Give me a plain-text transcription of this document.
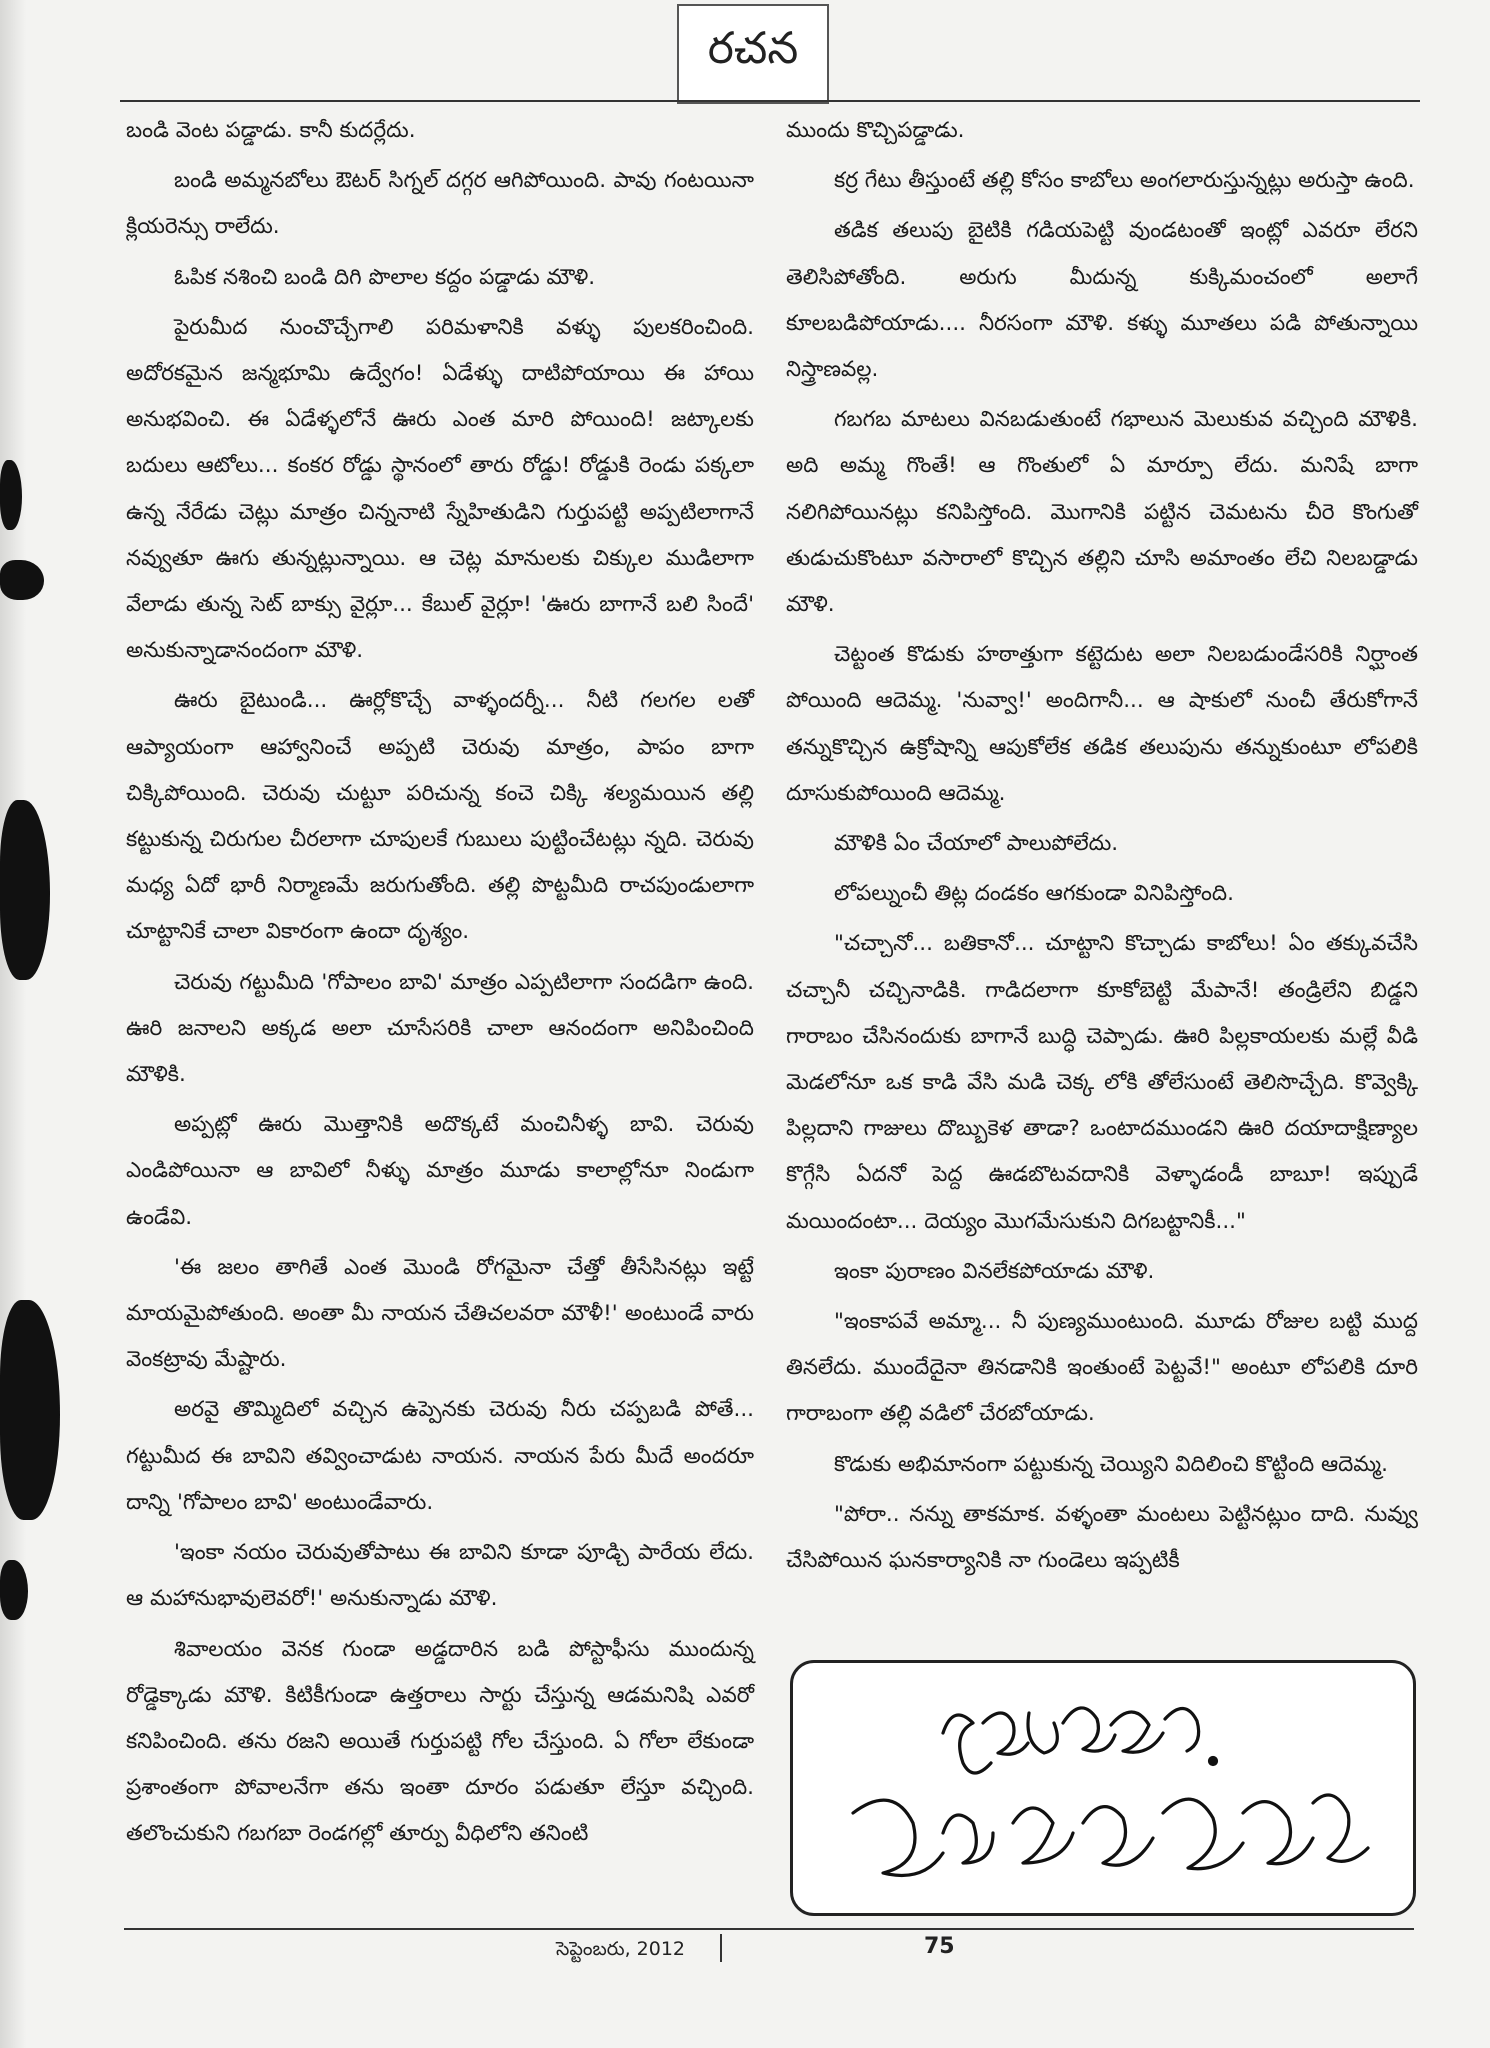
రచన

బండి వెంట పడ్డాడు. కానీ కుదర్లేదు.

బండి అమ్మనబోలు ఔటర్ సిగ్నల్ దగ్గర ఆగిపోయింది. పావు గంటయినా క్లియరెన్సు రాలేదు.

ఓపిక నశించి బండి దిగి పొలాల కద్దం పడ్డాడు మౌళి.

పైరుమీద నుంచొచ్చేగాలి పరిమళానికి వళ్ళు పులకరించింది. అదోరకమైన జన్మభూమి ఉద్వేగం! ఏడేళ్ళు దాటిపోయాయి ఈ హాయి అనుభవించి. ఈ ఏడేళ్ళలోనే ఊరు ఎంత మారి పోయింది! జట్కాలకు బదులు ఆటోలు... కంకర రోడ్డు స్థానంలో తారు రోడ్డు! రోడ్డుకి రెండు పక్కలా ఉన్న నేరేడు చెట్లు మాత్రం చిన్ననాటి స్నేహితుడిని గుర్తుపట్టి అప్పటిలాగానే నవ్వుతూ ఊగు తున్నట్లున్నాయి. ఆ చెట్ల మానులకు చిక్కుల ముడిలాగా వేలాడు తున్న సెట్ బాక్సు వైర్లూ... కేబుల్ వైర్లూ! 'ఊరు బాగానే బలి సిందే' అనుకున్నాడానందంగా మౌళి.

ఊరు బైటుండి... ఊర్లోకొచ్చే వాళ్ళందర్నీ... నీటి గలగల లతో ఆప్యాయంగా ఆహ్వానించే అప్పటి చెరువు మాత్రం, పాపం బాగా చిక్కిపోయింది. చెరువు చుట్టూ పరిచున్న కంచె చిక్కి శల్యమయిన తల్లి కట్టుకున్న చిరుగుల చీరలాగా చూపులకే గుబులు పుట్టించేటట్లు న్నది. చెరువు మధ్య ఏదో భారీ నిర్మాణమే జరుగుతోంది. తల్లి పొట్టమీది రాచపుండులాగా చూట్టానికే చాలా వికారంగా ఉందా దృశ్యం.

చెరువు గట్టుమీది 'గోపాలం బావి' మాత్రం ఎప్పటిలాగా సందడిగా ఉంది. ఊరి జనాలని అక్కడ అలా చూసేసరికి చాలా ఆనందంగా అనిపించింది మౌళికి.

అప్పట్లో ఊరు మొత్తానికి అదొక్కటే మంచినీళ్ళ బావి. చెరువు ఎండిపోయినా ఆ బావిలో నీళ్ళు మాత్రం మూడు కాలాల్లోనూ నిండుగా ఉండేవి.

'ఈ జలం తాగితే ఎంత మొండి రోగమైనా చేత్తో తీసేసినట్లు ఇట్టే మాయమైపోతుంది. అంతా మీ నాయన చేతిచలవరా మౌళీ!' అంటుండే వారు వెంకట్రావు మేష్టారు.

అరవై తొమ్మిదిలో వచ్చిన ఉప్పెనకు చెరువు నీరు చప్పబడి పోతే... గట్టుమీద ఈ బావిని తవ్వించాడుట నాయన. నాయన పేరు మీదే అందరూ దాన్ని 'గోపాలం బావి' అంటుండేవారు.

'ఇంకా నయం చెరువుతోపాటు ఈ బావిని కూడా పూడ్చి పారేయ లేదు. ఆ మహానుభావులెవరో!' అనుకున్నాడు మౌళి.

శివాలయం వెనక గుండా అడ్డదారిన బడి పోస్టాఫీసు ముందున్న రోడ్డెక్కాడు మౌళి. కిటికీగుండా ఉత్తరాలు సార్టు చేస్తున్న ఆడమనిషి ఎవరో కనిపించింది. తను రజని అయితే గుర్తుపట్టి గోల చేస్తుంది. ఏ గోలా లేకుండా ప్రశాంతంగా పోవాలనేగా తను ఇంతా దూరం పడుతూ లేస్తూ వచ్చింది. తలొంచుకుని గబగబా రెండగల్లో తూర్పు వీధిలోని తనింటి

ముందు కొచ్చిపడ్డాడు.

కర్ర గేటు తీస్తుంటే తల్లి కోసం కాబోలు అంగలారుస్తున్నట్లు అరుస్తా ఉంది.

తడిక తలుపు బైటికి గడియపెట్టి వుండటంతో ఇంట్లో ఎవరూ లేరని తెలిసిపోతోంది. అరుగు మీదున్న కుక్కిమంచంలో అలాగే కూలబడిపోయాడు.... నీరసంగా మౌళి. కళ్ళు మూతలు పడి పోతున్నాయి నిస్త్రాణవల్ల.

గబగబ మాటలు వినబడుతుంటే గభాలున మెలుకువ వచ్చింది మౌళికి. అది అమ్మ గొంతే! ఆ గొంతులో ఏ మార్పూ లేదు. మనిషే బాగా నలిగిపోయినట్లు కనిపిస్తోంది. మొగానికి పట్టిన చెమటను చీరె కొంగుతో తుడుచుకొంటూ వసారాలో కొచ్చిన తల్లిని చూసి అమాంతం లేచి నిలబడ్డాడు మౌళి.

చెట్టంత కొడుకు హఠాత్తుగా కట్టెదుట అలా నిలబడుండేసరికి నిర్ఘాంత పోయింది ఆదెమ్మ. 'నువ్వా!' అందిగానీ... ఆ షాకులో నుంచీ తేరుకోగానే తన్నుకొచ్చిన ఉక్రోషాన్ని ఆపుకోలేక తడిక తలుపును తన్నుకుంటూ లోపలికి దూసుకుపోయింది ఆదెమ్మ.

మౌళికి ఏం చేయాలో పాలుపోలేదు.

లోపల్నుంచీ తిట్ల దండకం ఆగకుండా వినిపిస్తోంది.

"చచ్చానో... బతికానో... చూట్టాని కొచ్చాడు కాబోలు! ఏం తక్కువచేసి చచ్చానీ చచ్చినాడికి. గాడిదలాగా కూకోబెట్టి మేపానే! తండ్రిలేని బిడ్డని గారాబం చేసినందుకు బాగానే బుద్ధి చెప్పాడు. ఊరి పిల్లకాయలకు మల్లే వీడి మెడలోనూ ఒక కాడి వేసి మడి చెక్క లోకి తోలేసుంటే తెలిసొచ్చేది. కొవ్వెక్కి పిల్లదాని గాజులు దొబ్బుకెళ తాడా? ఒంటాదముండని ఊరి దయాదాక్షిణ్యాల కొగ్గేసి ఏదనో పెద్ద ఊడబొటవదానికి వెళ్ళాడండీ బాబూ! ఇప్పుడే మయిందంటా... దెయ్యం మొగమేసుకుని దిగబట్టానికీ..."

ఇంకా పురాణం వినలేకపోయాడు మౌళి.

"ఇంకాపవే అమ్మా... నీ పుణ్యముంటుంది. మూడు రోజుల బట్టి ముద్ద తినలేదు. ముందేదైనా తినడానికి ఇంతుంటే పెట్టవే!" అంటూ లోపలికి దూరి గారాబంగా తల్లి వడిలో చేరబోయాడు.

కొడుకు అభిమానంగా పట్టుకున్న చెయ్యిని విదిలించి కొట్టింది ఆదెమ్మ.

"పోరా.. నన్ను తాకమాక. వళ్ళంతా మంటలు పెట్టినట్లుం దాది. నువ్వు చేసిపోయిన ఘనకార్యానికి నా గుండెలు ఇప్పటికీ

సెప్టెంబరు, 2012	75
